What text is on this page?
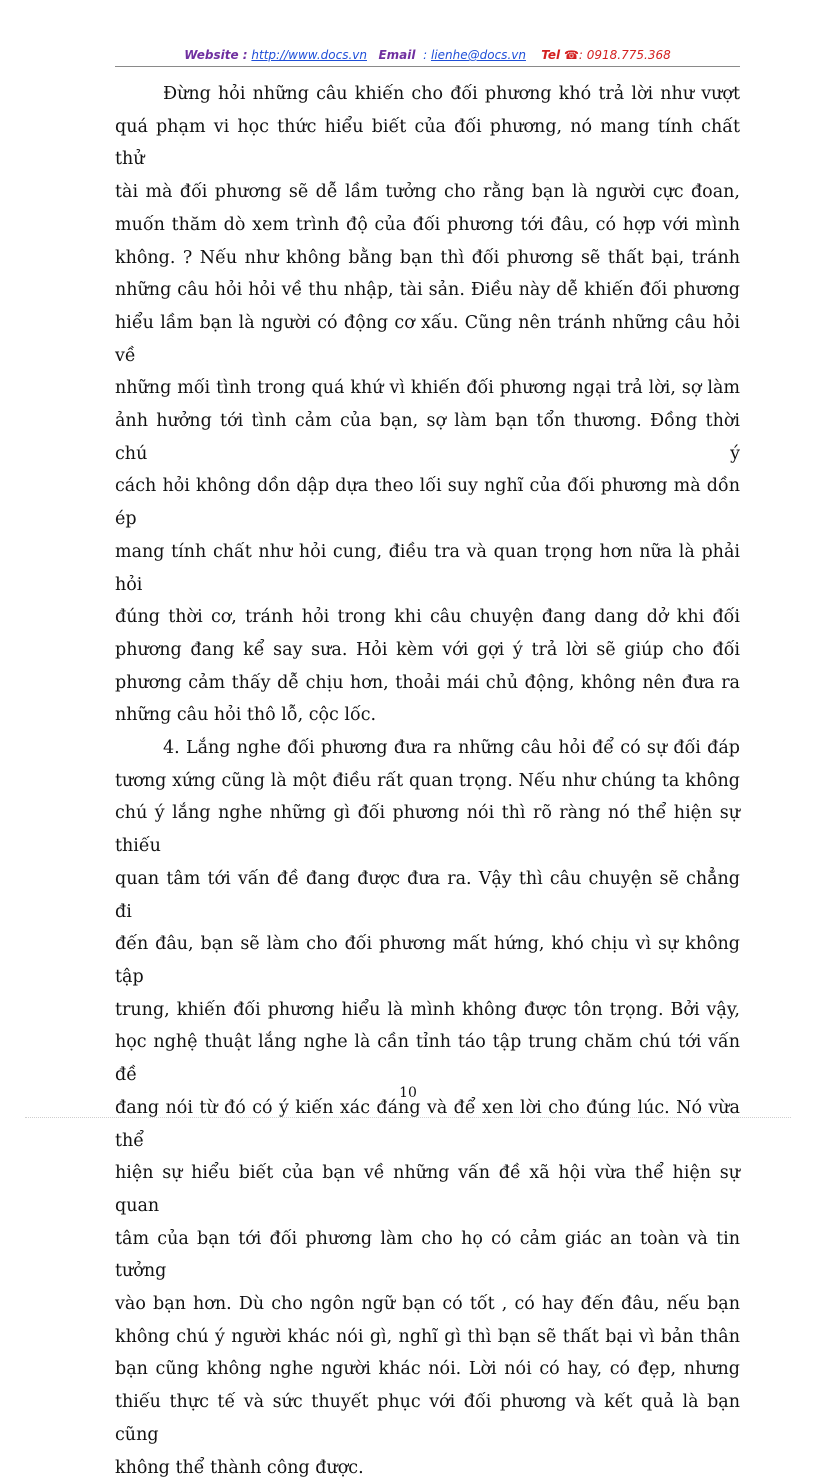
Website : http://www.docs.vn Email : lienhe@docs.vn Tel ☎: 0918.775.368
Đừng hỏi những câu khiến cho đối phương khó trả lời như vượt
quá phạm vi học thức hiểu biết của đối phương, nó mang tính chất thử
tài mà đối phương sẽ dễ lầm tưởng cho rằng bạn là người cực đoan,
muốn thăm dò xem trình độ của đối phương tới đâu, có hợp với mình
không. ? Nếu như không bằng bạn thì đối phương sẽ thất bại, tránh
những câu hỏi hỏi về thu nhập, tài sản. Điều này dễ khiến đối phương
hiểu lầm bạn là người có động cơ xấu. Cũng nên tránh những câu hỏi về
những mối tình trong quá khứ vì khiến đối phương ngại trả lời, sợ làm
ảnh hưởng tới tình cảm của bạn, sợ làm bạn tổn thương. Đồng thời chú ý
cách hỏi không dồn dập dựa theo lối suy nghĩ của đối phương mà dồn ép
mang tính chất như hỏi cung, điều tra và quan trọng hơn nữa là phải hỏi
đúng thời cơ, tránh hỏi trong khi câu chuyện đang dang dở khi đối
phương đang kể say sưa. Hỏi kèm với gợi ý trả lời sẽ giúp cho đối
phương cảm thấy dễ chịu hơn, thoải mái chủ động, không nên đưa ra
những câu hỏi thô lỗ, cộc lốc.
4. Lắng nghe đối phương đưa ra những câu hỏi để có sự đối đáp
tương xứng cũng là một điều rất quan trọng. Nếu như chúng ta không
chú ý lắng nghe những gì đối phương nói thì rõ ràng nó thể hiện sự thiếu
quan tâm tới vấn đề đang được đưa ra. Vậy thì câu chuyện sẽ chẳng đi
đến đâu, bạn sẽ làm cho đối phương mất hứng, khó chịu vì sự không tập
trung, khiến đối phương hiểu là mình không được tôn trọng. Bởi vậy,
học nghệ thuật lắng nghe là cần tỉnh táo tập trung chăm chú tới vấn đề
đang nói từ đó có ý kiến xác đáng và để xen lời cho đúng lúc. Nó vừa thể
hiện sự hiểu biết của bạn về những vấn đề xã hội vừa thể hiện sự quan
tâm của bạn tới đối phương làm cho họ có cảm giác an toàn và tin tưởng
vào bạn hơn. Dù cho ngôn ngữ bạn có tốt , có hay đến đâu, nếu bạn
không chú ý người khác nói gì, nghĩ gì thì bạn sẽ thất bại vì bản thân
bạn cũng không nghe người khác nói. Lời nói có hay, có đẹp, nhưng
thiếu thực tế và sức thuyết phục với đối phương và kết quả là bạn cũng
không thể thành công được.
10
